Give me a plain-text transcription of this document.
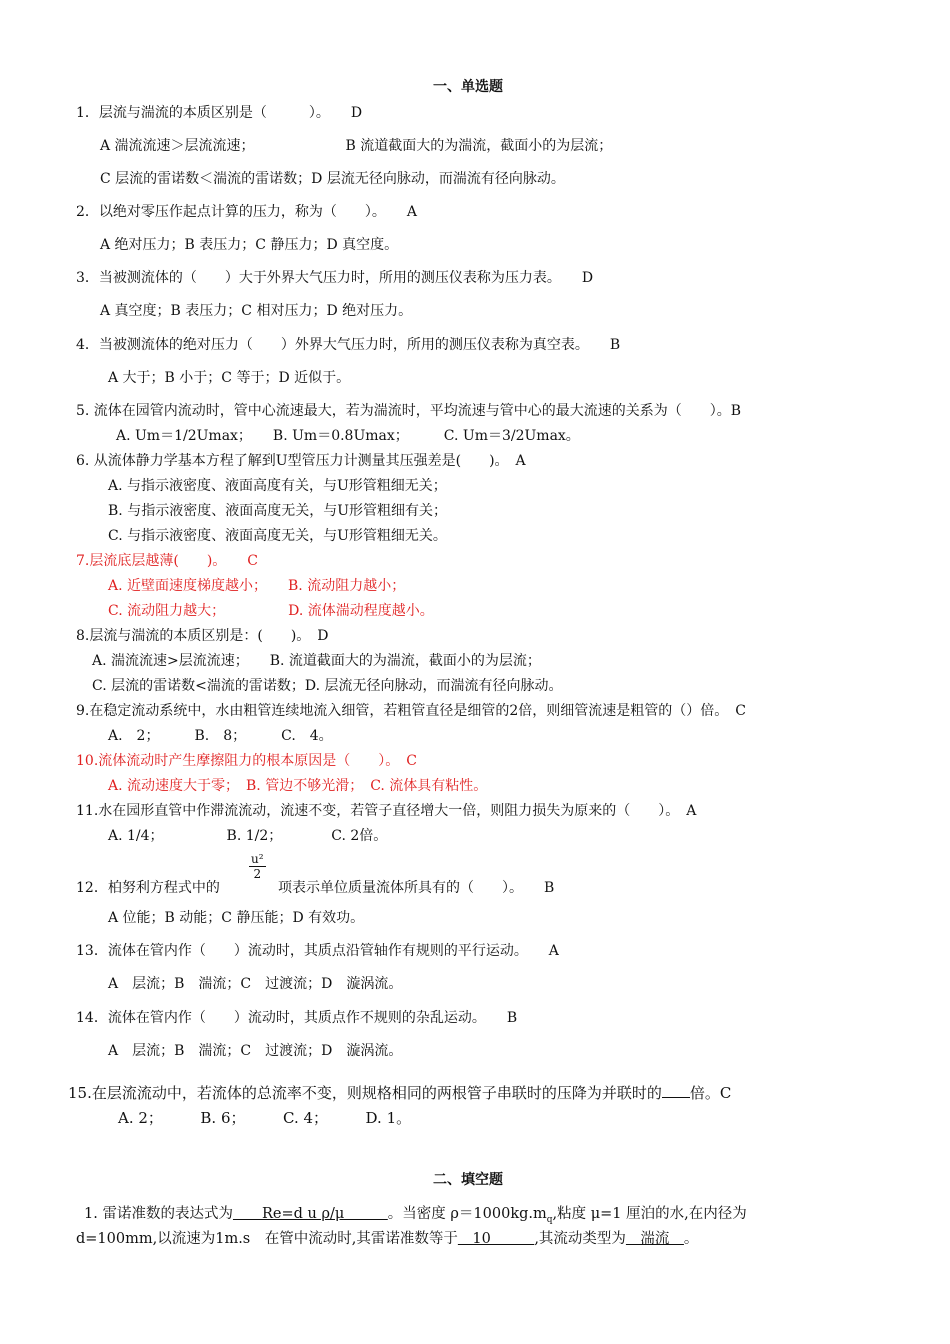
一、单选题
1．层流与湍流的本质区别是（　　　）。　　D
A 湍流流速＞层流流速；　　　　　　　B 流道截面大的为湍流，截面小的为层流；
C 层流的雷诺数＜湍流的雷诺数；D 层流无径向脉动，而湍流有径向脉动。
2．以绝对零压作起点计算的压力，称为（　　）。　　A
A 绝对压力；B 表压力；C 静压力；D 真空度。
3．当被测流体的（　　）大于外界大气压力时，所用的测压仪表称为压力表。　　D
A 真空度；B 表压力；C 相对压力；D 绝对压力。
4．当被测流体的绝对压力（　　）外界大气压力时，所用的测压仪表称为真空表。　　B
A 大于；B 小于；C 等于；D 近似于。
5. 流体在园管内流动时，管中心流速最大，若为湍流时，平均流速与管中心的最大流速的关系为（　　）。B
A. Um＝1/2Umax；　　B. Um＝0.8Umax；　　　C. Um＝3/2Umax。
6. 从流体静力学基本方程了解到U型管压力计测量其压强差是(　　)。　A
A. 与指示液密度、液面高度有关，与U形管粗细无关；
B. 与指示液密度、液面高度无关，与U形管粗细有关；
C. 与指示液密度、液面高度无关，与U形管粗细无关。
7.层流底层越薄(　　)。　　C
A. 近壁面速度梯度越小；　　B. 流动阻力越小；
C. 流动阻力越大；　　　　　D. 流体湍动程度越小。
8.层流与湍流的本质区别是：(　　)。　D
A. 湍流流速>层流流速；　　B. 流道截面大的为湍流，截面小的为层流；
C. 层流的雷诺数<湍流的雷诺数；D. 层流无径向脉动，而湍流有径向脉动。
9.在稳定流动系统中，水由粗管连续地流入细管，若粗管直径是细管的2倍，则细管流速是粗管的（）倍。　C
A.　2；　　　B.　8；　　　C.　4。
10.流体流动时产生摩擦阻力的根本原因是（　　）。　C
A. 流动速度大于零；　B. 管边不够光滑；　C. 流体具有粘性。
11.水在园形直管中作滞流流动，流速不变，若管子直径增大一倍，则阻力损失为原来的（　　）。　A
A. 1/4；　　　　　B. 1/2；　　　　C. 2倍。
12．柏努利方程式中的
$\frac{\text{u²}}{2}$
项表示单位质量流体所具有的（　　）。　　B
A 位能；B 动能；C 静压能；D 有效功。
13．流体在管内作（　　）流动时，其质点沿管轴作有规则的平行运动。　　A
A　层流；B　湍流；C　过渡流；D　漩涡流。
14．流体在管内作（　　）流动时，其质点作不规则的杂乱运动。　　B
A　层流；B　湍流；C　过渡流；D　漩涡流。
15.在层流流动中，若流体的总流率不变，则规格相同的两根管子串联时的压降为并联时的 倍。C
A. 2；　　　B. 6；　　　C. 4；　　　D. 1。
二、填空题
1. 雷诺准数的表达式为　　Re=d u ρ/μ　　　。当密度 $\rho=1000kg.m_q$,粘度 μ=1 厘泊的水,在内径为
d=100mm,以流速为1m.s　在管中流动时,其雷诺准数等于　10　　　,其流动类型为　湍流　。
